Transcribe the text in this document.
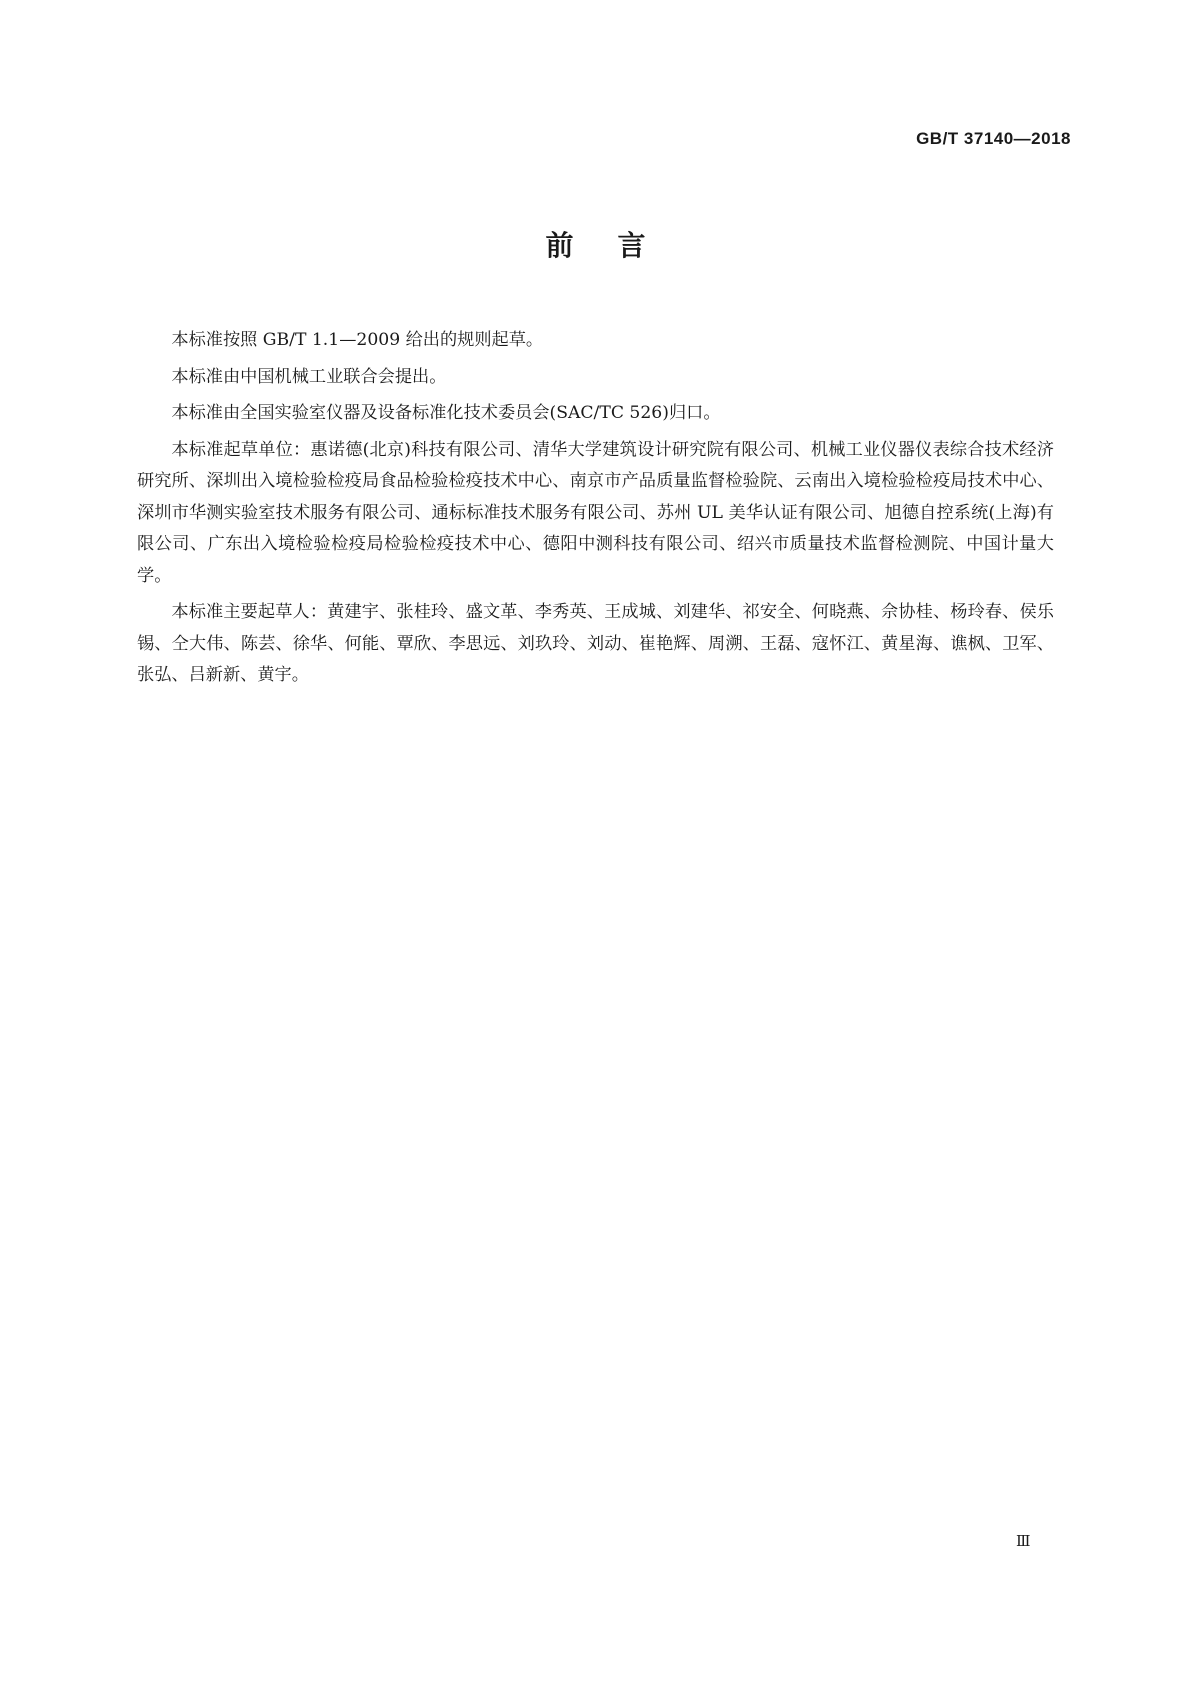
GB/T 37140—2018
前言

本标准按照 GB/T 1.1—2009 给出的规则起草。

本标准由中国机械工业联合会提出。

本标准由全国实验室仪器及设备标准化技术委员会(SAC/TC 526)归口。

本标准起草单位：惠诺德(北京)科技有限公司、清华大学建筑设计研究院有限公司、机械工业仪器仪表综合技术经济研究所、深圳出入境检验检疫局食品检验检疫技术中心、南京市产品质量监督检验院、云南出入境检验检疫局技术中心、深圳市华测实验室技术服务有限公司、通标标准技术服务有限公司、苏州 UL 美华认证有限公司、旭德自控系统(上海)有限公司、广东出入境检验检疫局检验检疫技术中心、德阳中测科技有限公司、绍兴市质量技术监督检测院、中国计量大学。

本标准主要起草人：黄建宇、张桂玲、盛文革、李秀英、王成城、刘建华、祁安全、何晓燕、佘协桂、杨玲春、侯乐锡、仝大伟、陈芸、徐华、何能、覃欣、李思远、刘玖玲、刘动、崔艳辉、周溯、王磊、寇怀江、黄星海、谯枫、卫军、张弘、吕新新、黄宇。

Ⅲ
